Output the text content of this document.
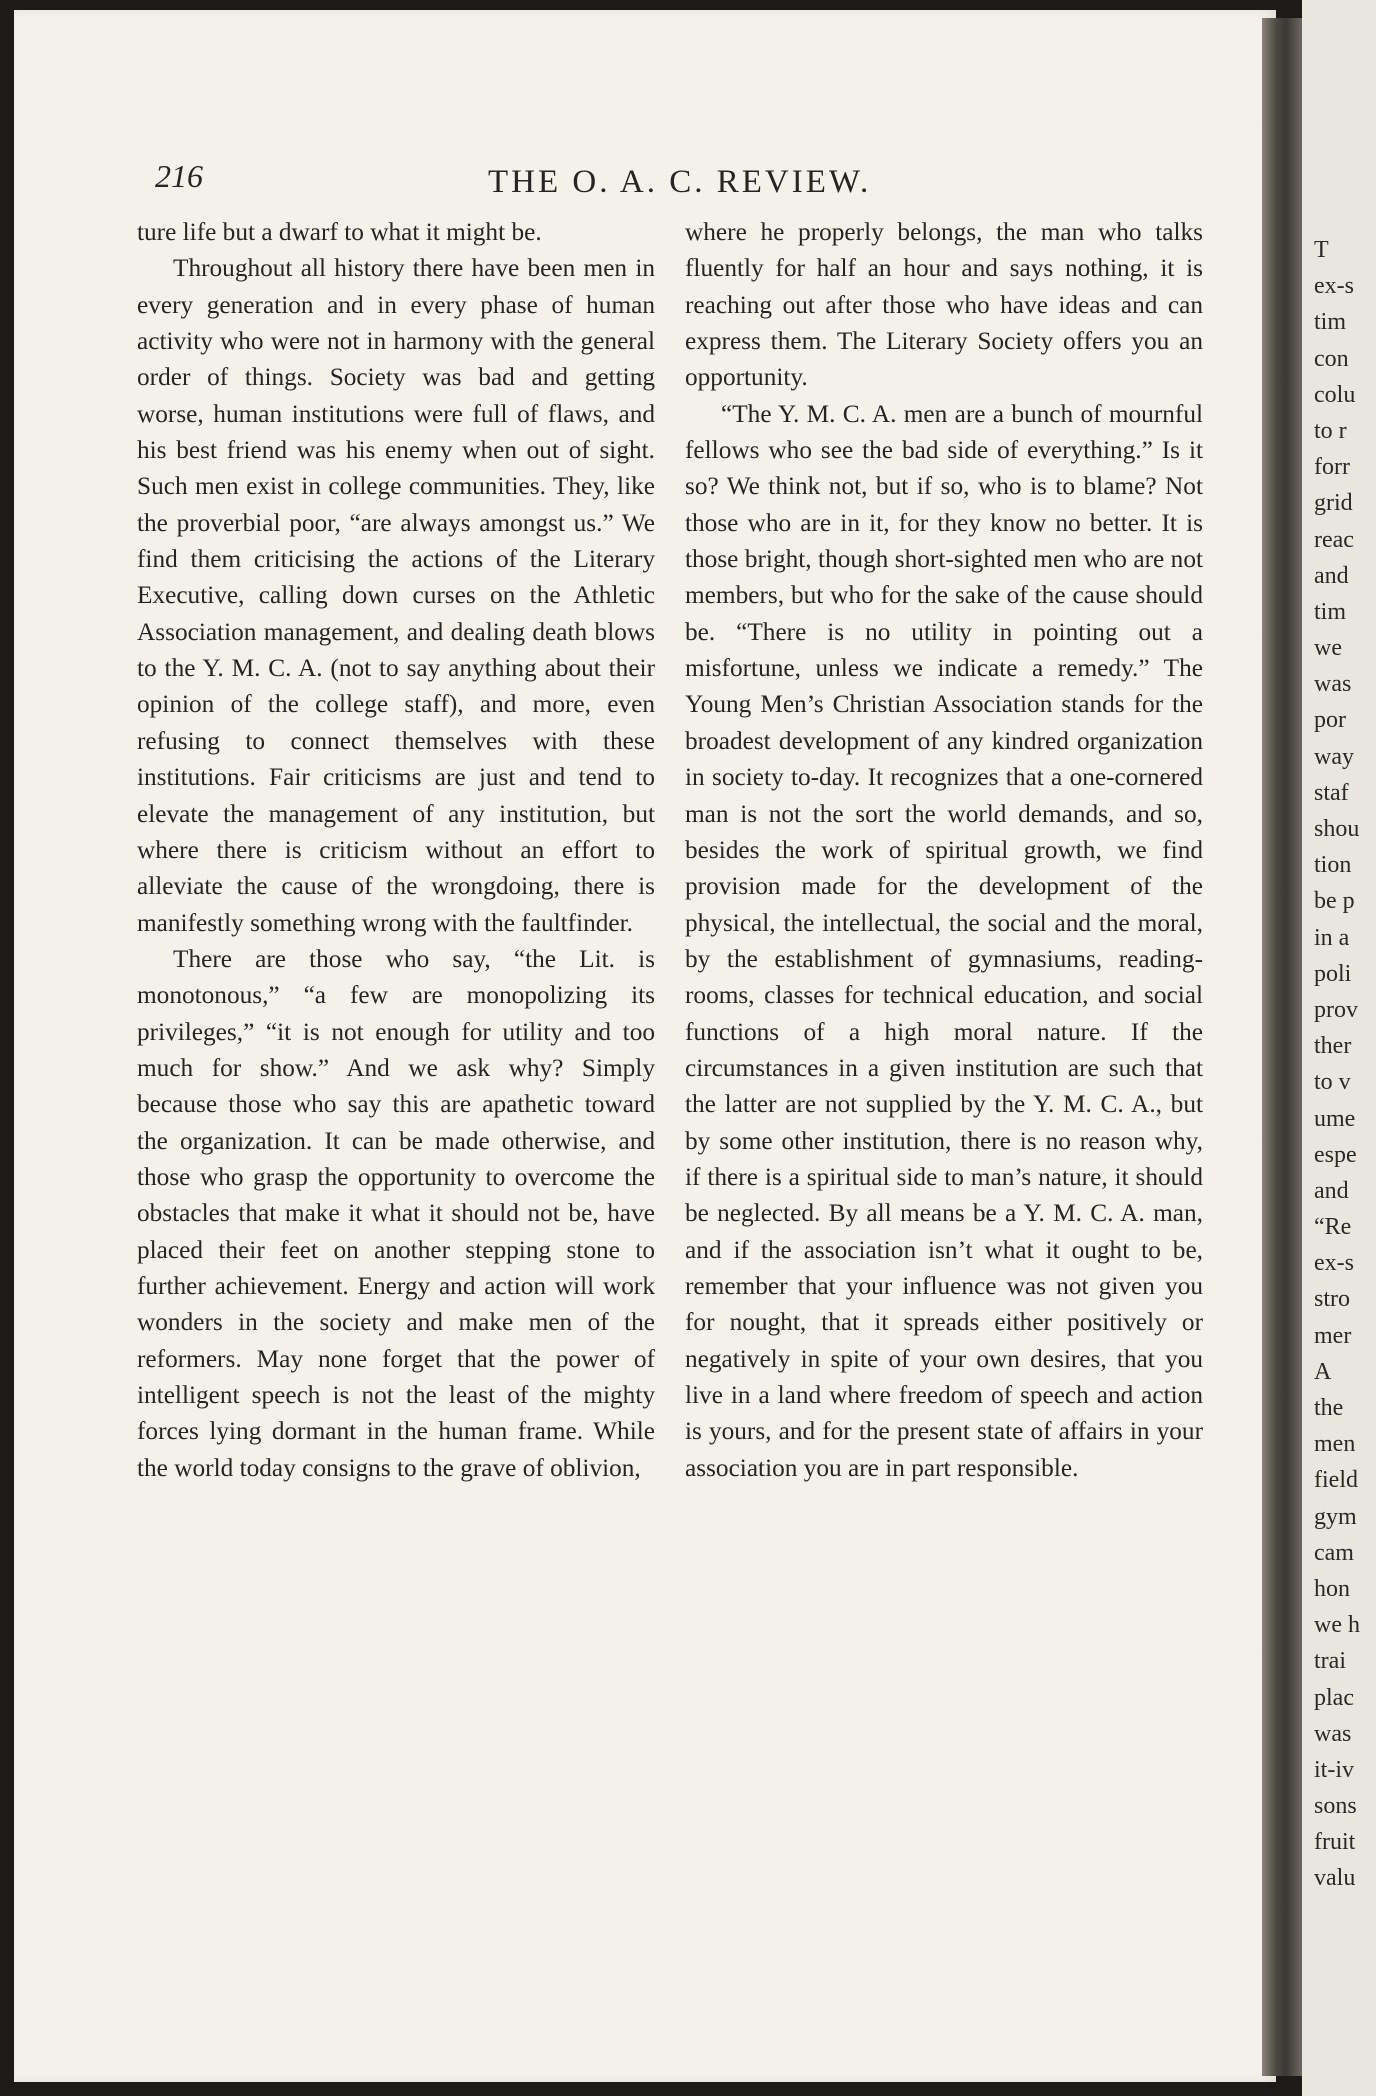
T
ex-s
tim
con
colu
to r
forr
grid
reac
and
tim
we
was
por
way
staf
shou
tion
be p
in a
poli
prov
ther
to v
ume
espe
and
“Re
ex-s
stro
mer
A
the
men
field
gym
cam
hon
we h
trai
plac
was
it-iv
sons
fruit
valu
216	THE O. A. C. REVIEW.

ture life but a dwarf to what it might be.

Throughout all history there have been men in every generation and in every phase of human activity who were not in harmony with the general order of things. Society was bad and getting worse, human institutions were full of flaws, and his best friend was his enemy when out of sight. Such men exist in college communities. They, like the proverbial poor, “are always amongst us.” We find them criticising the actions of the Literary Executive, calling down curses on the Athletic Association management, and dealing death blows to the Y. M. C. A. (not to say anything about their opinion of the college staff), and more, even refusing to connect themselves with these institutions. Fair criticisms are just and tend to elevate the management of any institution, but where there is criticism without an effort to alleviate the cause of the wrongdoing, there is manifestly something wrong with the faultfinder.

There are those who say, “the Lit. is monotonous,” “a few are monopolizing its privileges,” “it is not enough for utility and too much for show.” And we ask why? Simply because those who say this are apathetic toward the organization. It can be made otherwise, and those who grasp the opportunity to overcome the obstacles that make it what it should not be, have placed their feet on another stepping stone to further achievement. Energy and action will work wonders in the society and make men of the reformers. May none forget that the power of intelligent speech is not the least of the mighty forces lying dormant in the human frame. While the world today consigns to the grave of oblivion,

where he properly belongs, the man who talks fluently for half an hour and says nothing, it is reaching out after those who have ideas and can express them. The Literary Society offers you an opportunity.

“The Y. M. C. A. men are a bunch of mournful fellows who see the bad side of everything.” Is it so? We think not, but if so, who is to blame? Not those who are in it, for they know no better. It is those bright, though short-sighted men who are not members, but who for the sake of the cause should be. “There is no utility in pointing out a misfortune, unless we indicate a remedy.” The Young Men’s Christian Association stands for the broadest development of any kindred organization in society to-day. It recognizes that a one-cornered man is not the sort the world demands, and so, besides the work of spiritual growth, we find provision made for the development of the physical, the intellectual, the social and the moral, by the establishment of gymnasiums, reading-rooms, classes for technical education, and social functions of a high moral nature. If the circumstances in a given institution are such that the latter are not supplied by the Y. M. C. A., but by some other institution, there is no reason why, if there is a spiritual side to man’s nature, it should be neglected. By all means be a Y. M. C. A. man, and if the association isn’t what it ought to be, remember that your influence was not given you for nought, that it spreads either positively or negatively in spite of your own desires, that you live in a land where freedom of speech and action is yours, and for the present state of affairs in your association you are in part responsible.
